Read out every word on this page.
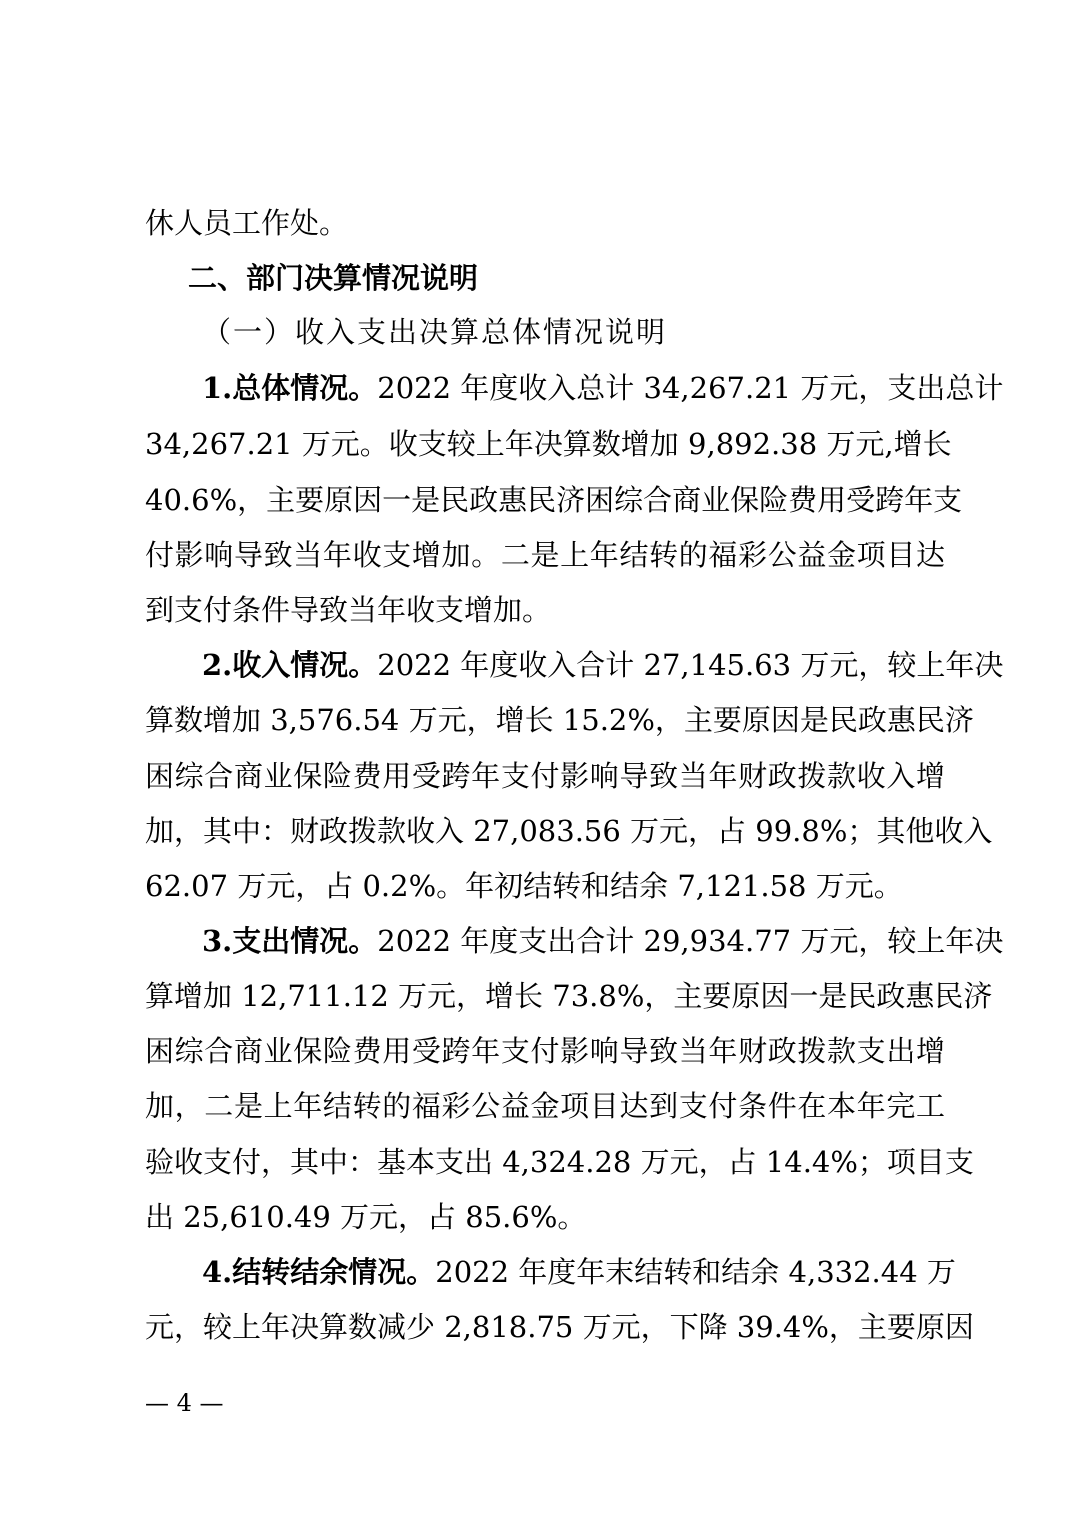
休人员工作处。
二、部门决算情况说明
（一）收入支出决算总体情况说明
1.总体情况。2022 年度收入总计 34,267.21 万元，支出总计
34,267.21 万元。收支较上年决算数增加 9,892.38 万元,增长
40.6%，主要原因一是民政惠民济困综合商业保险费用受跨年支
付影响导致当年收支增加。二是上年结转的福彩公益金项目达
到支付条件导致当年收支增加。
2.收入情况。2022 年度收入合计 27,145.63 万元，较上年决
算数增加 3,576.54 万元，增长 15.2%，主要原因是民政惠民济
困综合商业保险费用受跨年支付影响导致当年财政拨款收入增
加，其中：财政拨款收入 27,083.56 万元，占 99.8%；其他收入
62.07 万元，占 0.2%。年初结转和结余 7,121.58 万元。
3.支出情况。2022 年度支出合计 29,934.77 万元，较上年决
算增加 12,711.12 万元，增长 73.8%，主要原因一是民政惠民济
困综合商业保险费用受跨年支付影响导致当年财政拨款支出增
加，二是上年结转的福彩公益金项目达到支付条件在本年完工
验收支付，其中：基本支出 4,324.28 万元，占 14.4%；项目支
出 25,610.49 万元，占 85.6%。
4.结转结余情况。2022 年度年末结转和结余 4,332.44 万
元，较上年决算数减少 2,818.75 万元，下降 39.4%，主要原因
— 4 —
